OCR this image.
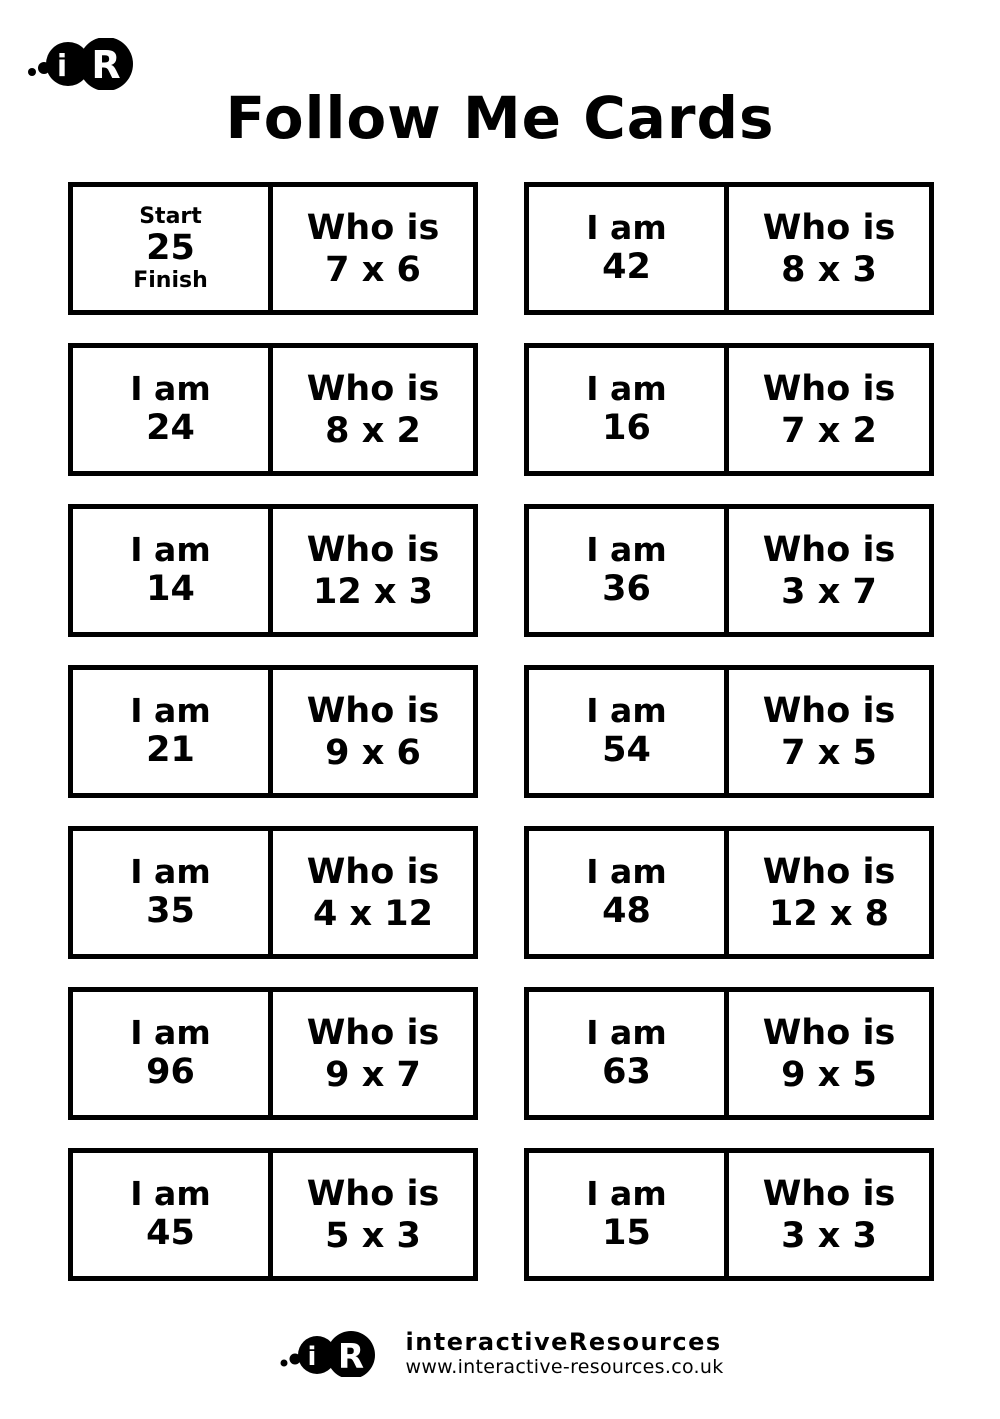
i R
Follow Me Cards
Start
25
Finish
Who is
7 x 6
I am
42
Who is
8 x 3
I am
24
Who is
8 x 2
I am
16
Who is
7 x 2
I am
14
Who is
12 x 3
I am
36
Who is
3 x 7
I am
21
Who is
9 x 6
I am
54
Who is
7 x 5
I am
35
Who is
4 x 12
I am
48
Who is
12 x 8
I am
96
Who is
9 x 7
I am
63
Who is
9 x 5
I am
45
Who is
5 x 3
I am
15
Who is
3 x 3
i R interactiveResources
www.interactive-resources.co.uk
